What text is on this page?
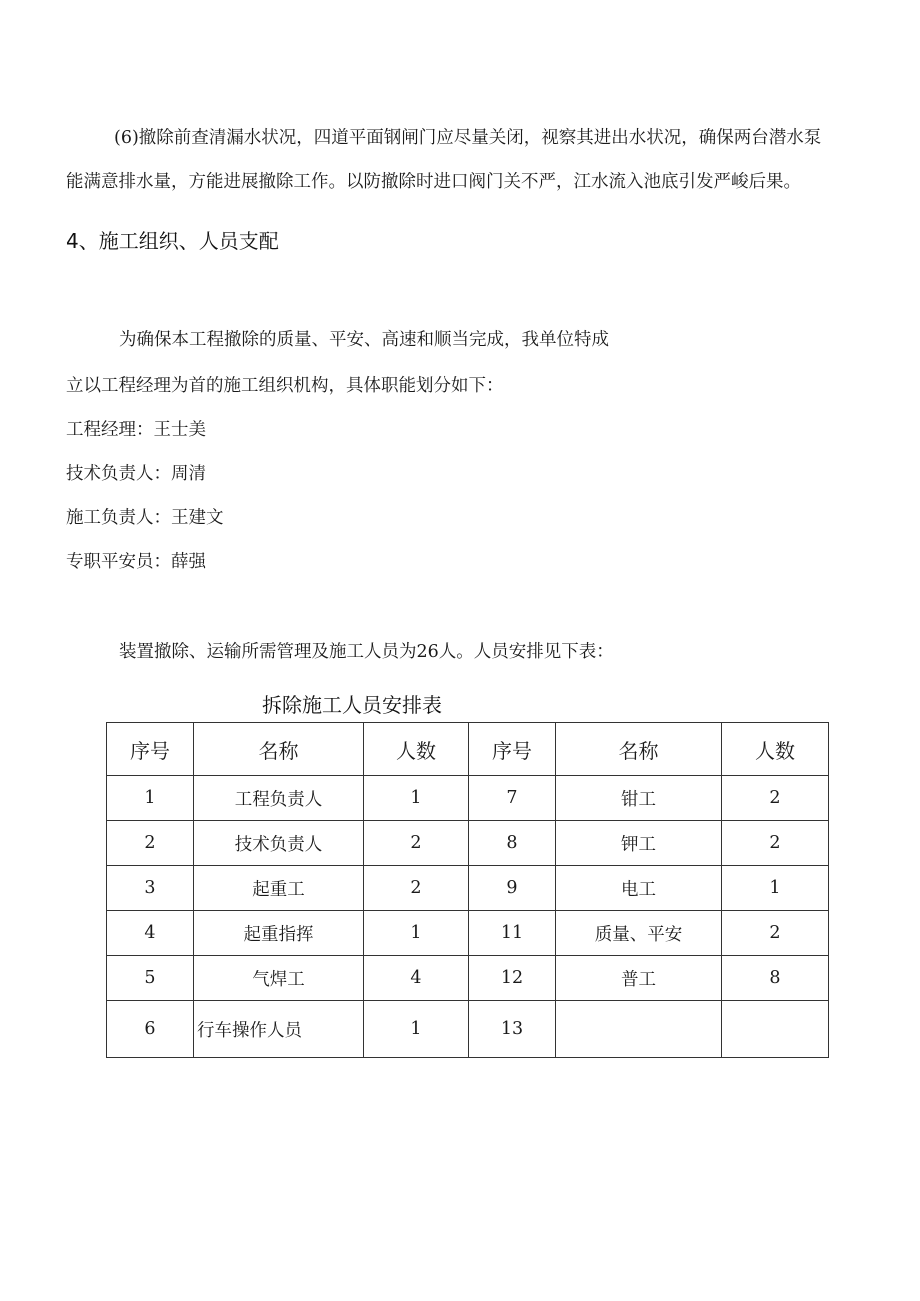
(6)撤除前查清漏水状况，四道平面钢闸门应尽量关闭，视察其进出水状况，确保两台潜水泵
能满意排水量，方能进展撤除工作。以防撤除时进口阀门关不严，江水流入池底引发严峻后果。
4、施工组织、人员支配
为确保本工程撤除的质量、平安、高速和顺当完成，我单位特成
立以工程经理为首的施工组织机构，具体职能划分如下：
工程经理：王士美
技术负责人：周清
施工负责人：王建文
专职平安员：薛强
装置撤除、运输所需管理及施工人员为26人。人员安排见下表：
拆除施工人员安排表
序号	名称	人数	序号	名称	人数
1	工程负责人	1	7	钳工	2
2	技术负责人	2	8	钾工	2
3	起重工	2	9	电工	1
4	起重指挥	1	11	质量、平安	2
5	气焊工	4	12	普工	8
6	行车操作人员	1	13		
